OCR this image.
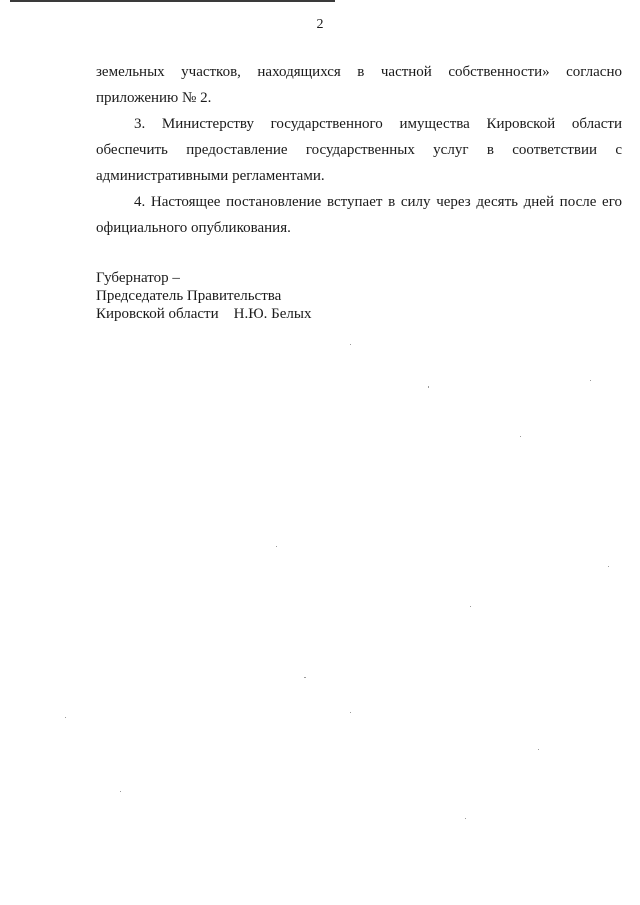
2

земельных участков, находящихся в частной собственности» согласно приложению № 2.

3. Министерству государственного имущества Кировской области обеспечить предоставление государственных услуг в соответствии с административными регламентами.

4. Настоящее постановление вступает в силу через десять дней после его официального опубликования.

Губернатор –
Председатель Правительства
Кировской области    Н.Ю. Белых
